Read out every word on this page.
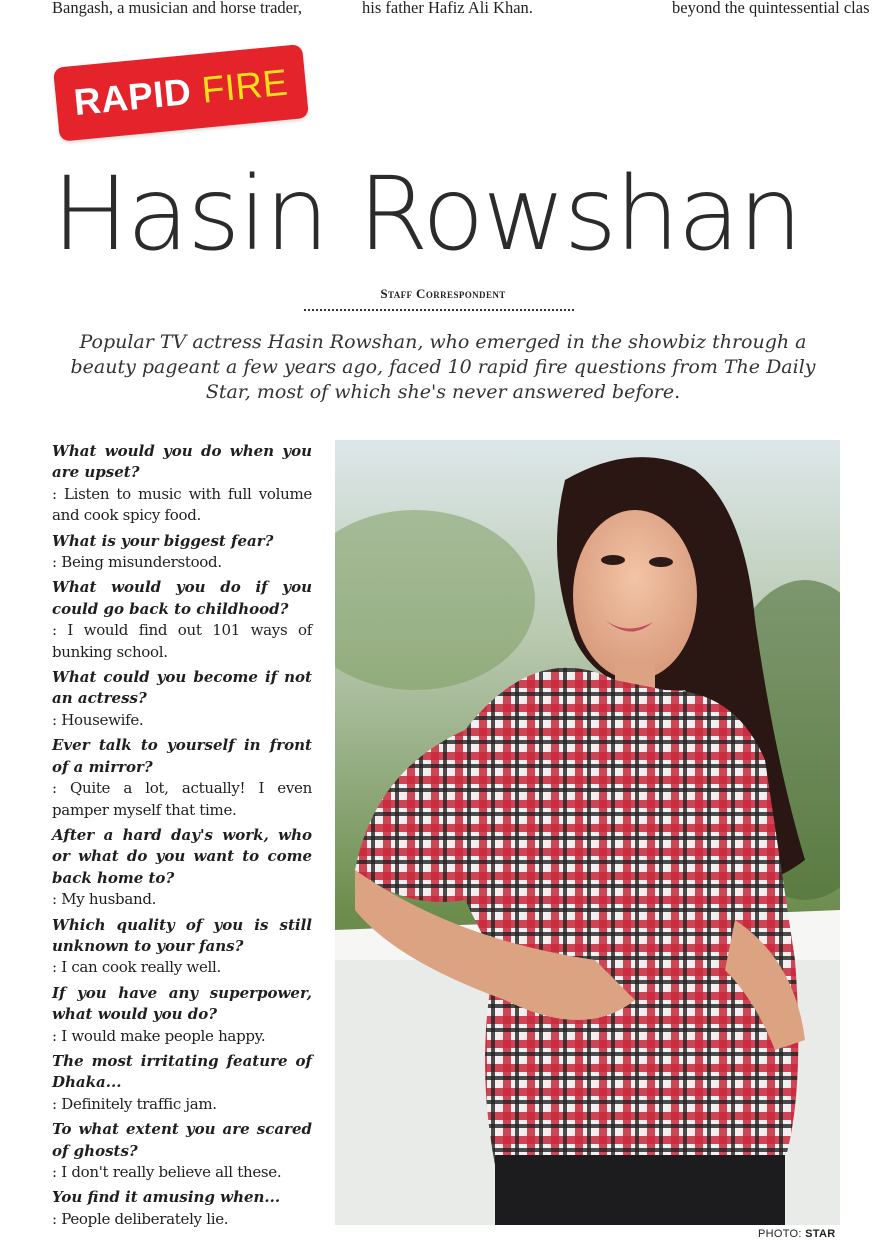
Bangash, a musician and horse trader,	his father Hafiz Ali Khan.	beyond the quintessential clas
RAPID FIRE
Hasin Rowshan
Staff Correspondent
Popular TV actress Hasin Rowshan, who emerged in the showbiz through a beauty pageant a few years ago, faced 10 rapid fire questions from The Daily Star, most of which she's never answered before.

What would you do when you are upset?

: Listen to music with full volume and cook spicy food.

What is your biggest fear?

: Being misunderstood.

What would you do if you could go back to childhood?

: I would find out 101 ways of bunking school.

What could you become if not an actress?

: Housewife.

Ever talk to yourself in front of a mirror?

: Quite a lot, actually! I even pamper myself that time.

After a hard day's work, who or what do you want to come back home to?

: My husband.

Which quality of you is still unknown to your fans?

: I can cook really well.

If you have any superpower, what would you do?

: I would make people happy.

The most irritating feature of Dhaka...

: Definitely traffic jam.

To what extent you are scared of ghosts?

: I don't really believe all these.

You find it amusing when...

: People deliberately lie.

PHOTO: STAR
